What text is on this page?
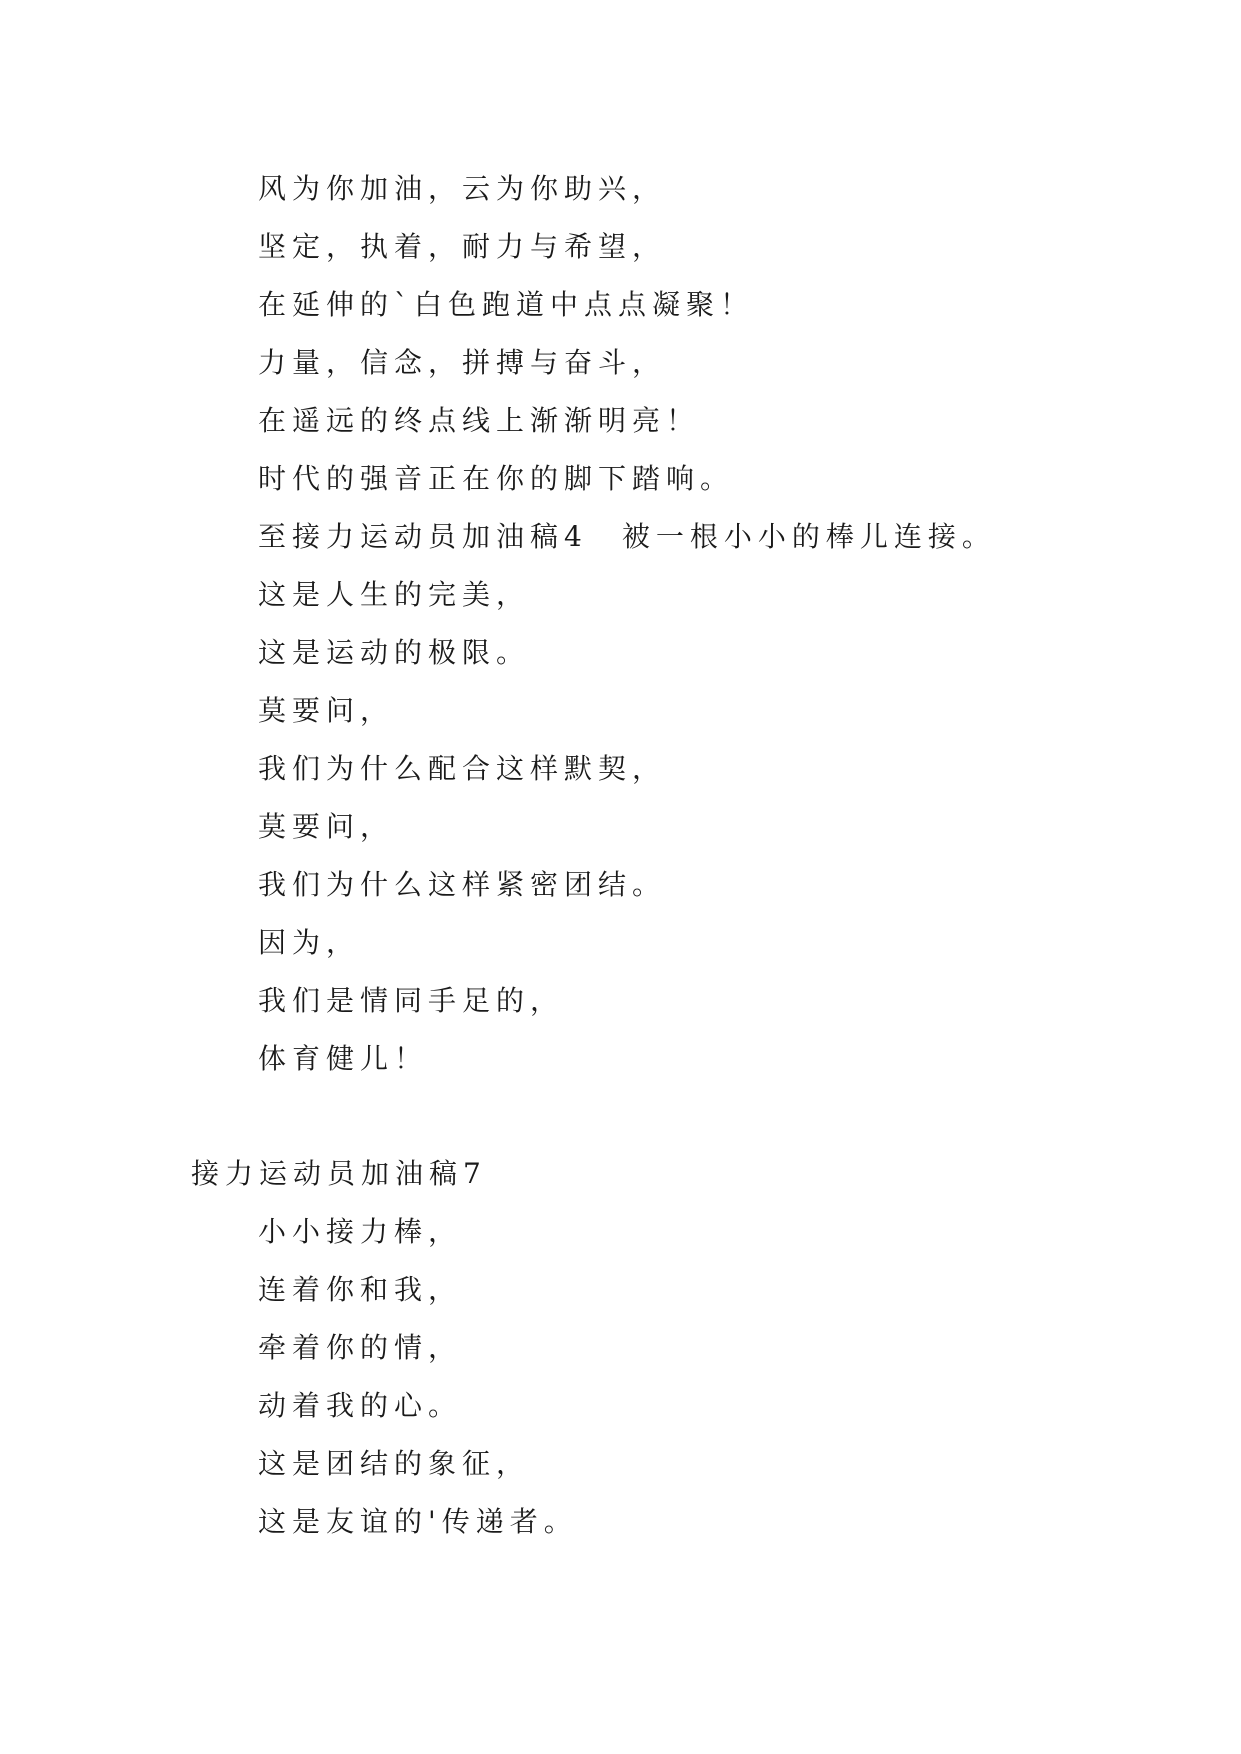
风为你加油，云为你助兴，
坚定，执着，耐力与希望，
在延伸的`白色跑道中点点凝聚！
力量，信念，拼搏与奋斗，
在遥远的终点线上渐渐明亮！
时代的强音正在你的脚下踏响。
至接力运动员加油稿4　被一根小小的棒儿连接。
这是人生的完美，
这是运动的极限。
莫要问，
我们为什么配合这样默契，
莫要问，
我们为什么这样紧密团结。
因为，
我们是情同手足的，
体育健儿！
接力运动员加油稿7
小小接力棒，
连着你和我，
牵着你的情，
动着我的心。
这是团结的象征，
这是友谊的'传递者。
